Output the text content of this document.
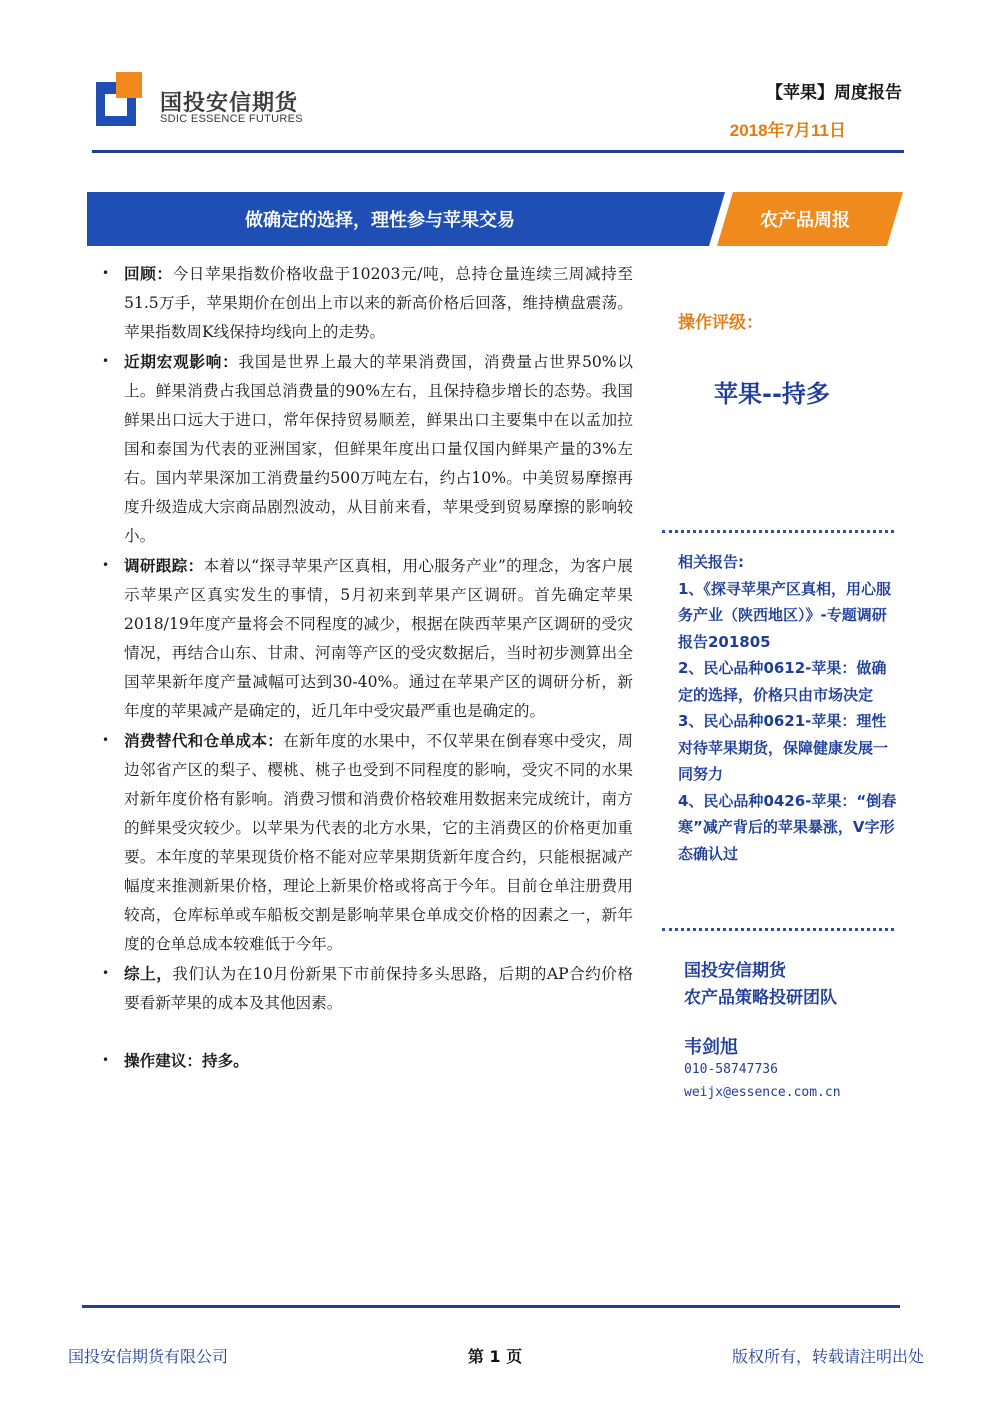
国投安信期货
SDIC ESSENCE FUTURES
【苹果】周度报告
2018年7月11日
做确定的选择，理性参与苹果交易	农产品周报
• 回顾：今日苹果指数价格收盘于10203元/吨，总持仓量连续三周减持至51.5万手，苹果期价在创出上市以来的新高价格后回落，维持横盘震荡。苹果指数周K线保持均线向上的走势。
• 近期宏观影响：我国是世界上最大的苹果消费国，消费量占世界50%以上。鲜果消费占我国总消费量的90%左右，且保持稳步增长的态势。我国鲜果出口远大于进口，常年保持贸易顺差，鲜果出口主要集中在以孟加拉国和泰国为代表的亚洲国家，但鲜果年度出口量仅国内鲜果产量的3%左右。国内苹果深加工消费量约500万吨左右，约占10%。中美贸易摩擦再度升级造成大宗商品剧烈波动，从目前来看，苹果受到贸易摩擦的影响较小。
• 调研跟踪：本着以“探寻苹果产区真相，用心服务产业”的理念，为客户展示苹果产区真实发生的事情，5月初来到苹果产区调研。首先确定苹果2018/19年度产量将会不同程度的减少，根据在陕西苹果产区调研的受灾情况，再结合山东、甘肃、河南等产区的受灾数据后，当时初步测算出全国苹果新年度产量减幅可达到30-40%。通过在苹果产区的调研分析，新年度的苹果减产是确定的，近几年中受灾最严重也是确定的。
• 消费替代和仓单成本：在新年度的水果中，不仅苹果在倒春寒中受灾，周边邻省产区的梨子、樱桃、桃子也受到不同程度的影响，受灾不同的水果对新年度价格有影响。消费习惯和消费价格较难用数据来完成统计，南方的鲜果受灾较少。以苹果为代表的北方水果，它的主消费区的价格更加重要。本年度的苹果现货价格不能对应苹果期货新年度合约，只能根据减产幅度来推测新果价格，理论上新果价格或将高于今年。目前仓单注册费用较高，仓库标单或车船板交割是影响苹果仓单成交价格的因素之一，新年度的仓单总成本较难低于今年。
• 综上，我们认为在10月份新果下市前保持多头思路，后期的AP合约价格要看新苹果的成本及其他因素。
• 操作建议：持多。
操作评级：
苹果--持多
相关报告:
1、《探寻苹果产区真相，用心服务产业（陕西地区）》-专题调研报告201805
2、民心品种0612-苹果：做确定的选择，价格只由市场决定
3、民心品种0621-苹果：理性对待苹果期货，保障健康发展一同努力
4、民心品种0426-苹果：“倒春寒”减产背后的苹果暴涨，V字形态确认过
国投安信期货
农产品策略投研团队
韦剑旭
010-58747736
weijx@essence.com.cn
国投安信期货有限公司	第 1 页	版权所有，转载请注明出处
